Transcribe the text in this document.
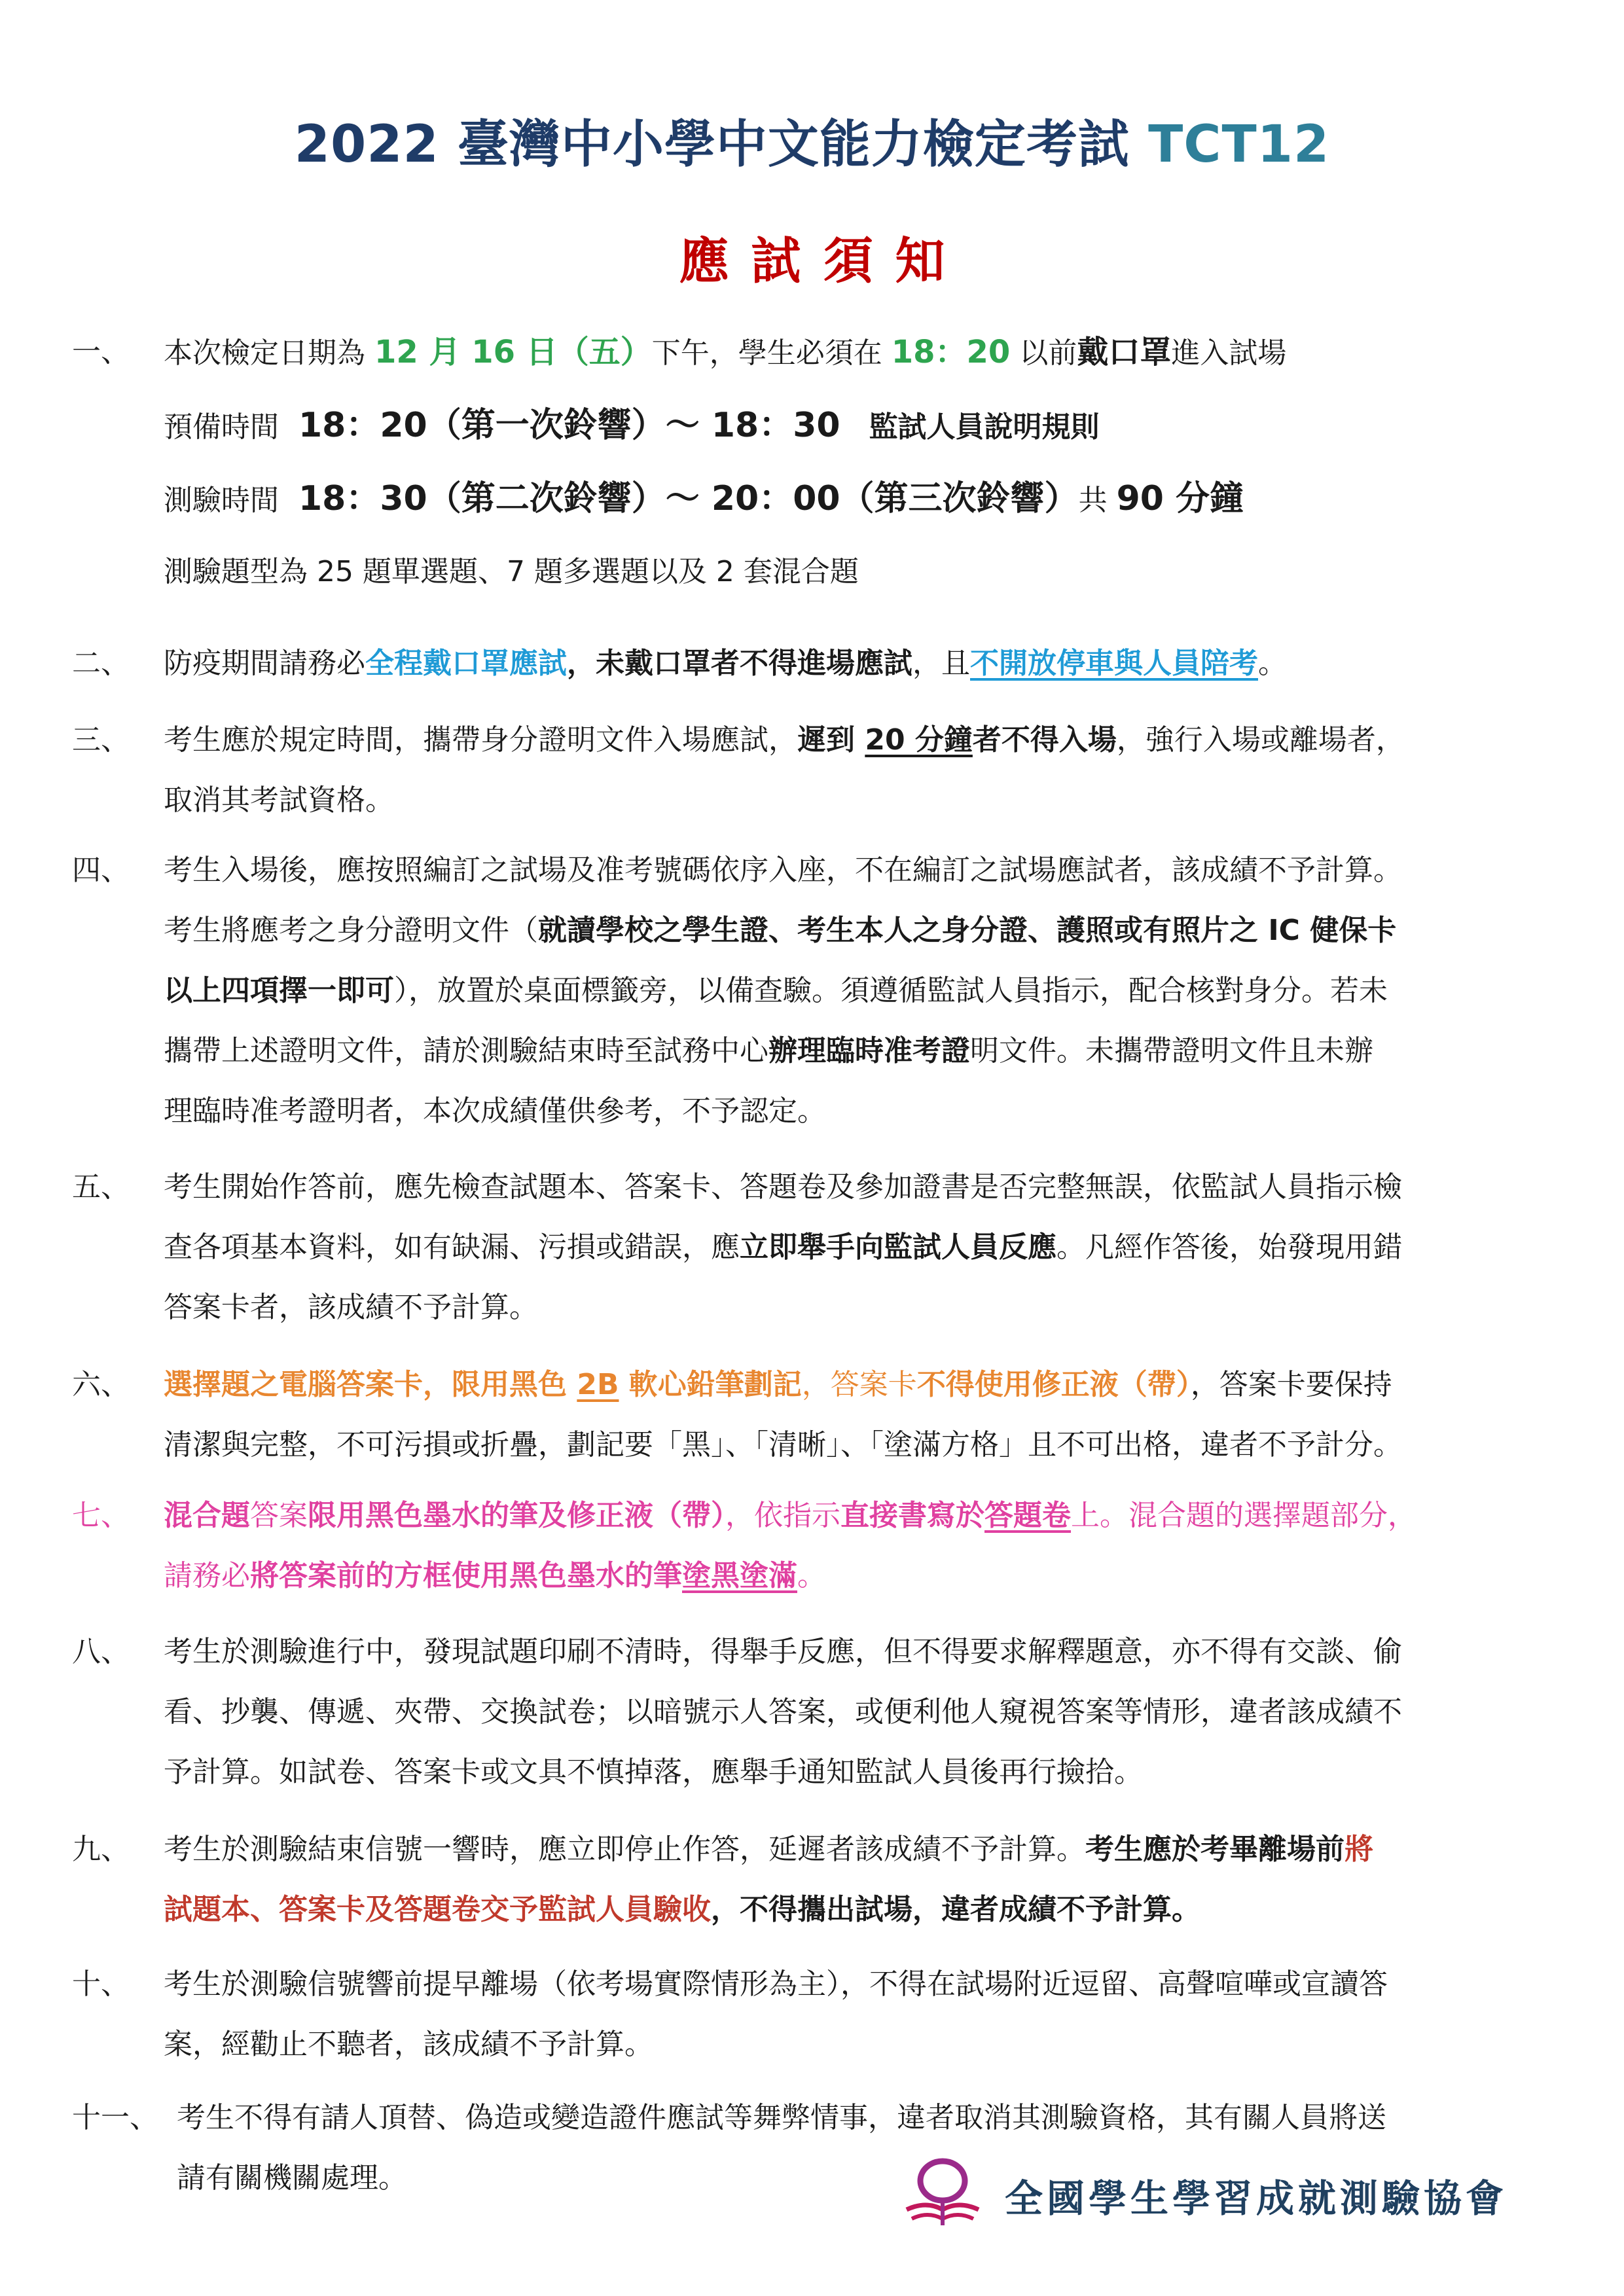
2022 臺灣中小學中文能力檢定考試 TCT12
應試須知
一、	本次檢定日期為 12 月 16 日（五）下午，學生必須在 18：20 以前戴口罩進入試場
預備時間 18：20（第一次鈴響）～ 18：30 監試人員說明規則
測驗時間 18：30（第二次鈴響）～ 20：00（第三次鈴響）共 90 分鐘
測驗題型為 25 題單選題、7 題多選題以及 2 套混合題
二、	防疫期間請務必全程戴口罩應試，未戴口罩者不得進場應試，且不開放停車與人員陪考。
三、	考生應於規定時間，攜帶身分證明文件入場應試，遲到 20 分鐘者不得入場，強行入場或離場者，
取消其考試資格。
四、	考生入場後，應按照編訂之試場及准考號碼依序入座，不在編訂之試場應試者，該成績不予計算。
考生將應考之身分證明文件（就讀學校之學生證、考生本人之身分證、護照或有照片之 IC 健保卡
以上四項擇一即可），放置於桌面標籤旁，以備查驗。須遵循監試人員指示，配合核對身分。若未
攜帶上述證明文件，請於測驗結束時至試務中心辦理臨時准考證明文件。未攜帶證明文件且未辦
理臨時准考證明者，本次成績僅供參考，不予認定。
五、	考生開始作答前，應先檢查試題本、答案卡、答題卷及參加證書是否完整無誤，依監試人員指示檢
查各項基本資料，如有缺漏、污損或錯誤，應立即舉手向監試人員反應。凡經作答後，始發現用錯
答案卡者，該成績不予計算。
六、	選擇題之電腦答案卡，限用黑色 2B 軟心鉛筆劃記，答案卡不得使用修正液（帶），答案卡要保持
清潔與完整，不可污損或折疊，劃記要「黑」、「清晰」、「塗滿方格」且不可出格，違者不予計分。
七、	混合題答案限用黑色墨水的筆及修正液（帶），依指示直接書寫於答題卷上。混合題的選擇題部分，
請務必將答案前的方框使用黑色墨水的筆塗黑塗滿。
八、	考生於測驗進行中，發現試題印刷不清時，得舉手反應，但不得要求解釋題意，亦不得有交談、偷
看、抄襲、傳遞、夾帶、交換試卷；以暗號示人答案，或便利他人窺視答案等情形，違者該成績不
予計算。如試卷、答案卡或文具不慎掉落，應舉手通知監試人員後再行撿拾。
九、	考生於測驗結束信號一響時，應立即停止作答，延遲者該成績不予計算。考生應於考畢離場前將
試題本、答案卡及答題卷交予監試人員驗收，不得攜出試場，違者成績不予計算。
十、	考生於測驗信號響前提早離場（依考場實際情形為主），不得在試場附近逗留、高聲喧嘩或宣讀答
案，經勸止不聽者，該成績不予計算。
十一、 考生不得有請人頂替、偽造或變造證件應試等舞弊情事，違者取消其測驗資格，其有關人員將送
請有關機關處理。	全國學生學習成就測驗協會
